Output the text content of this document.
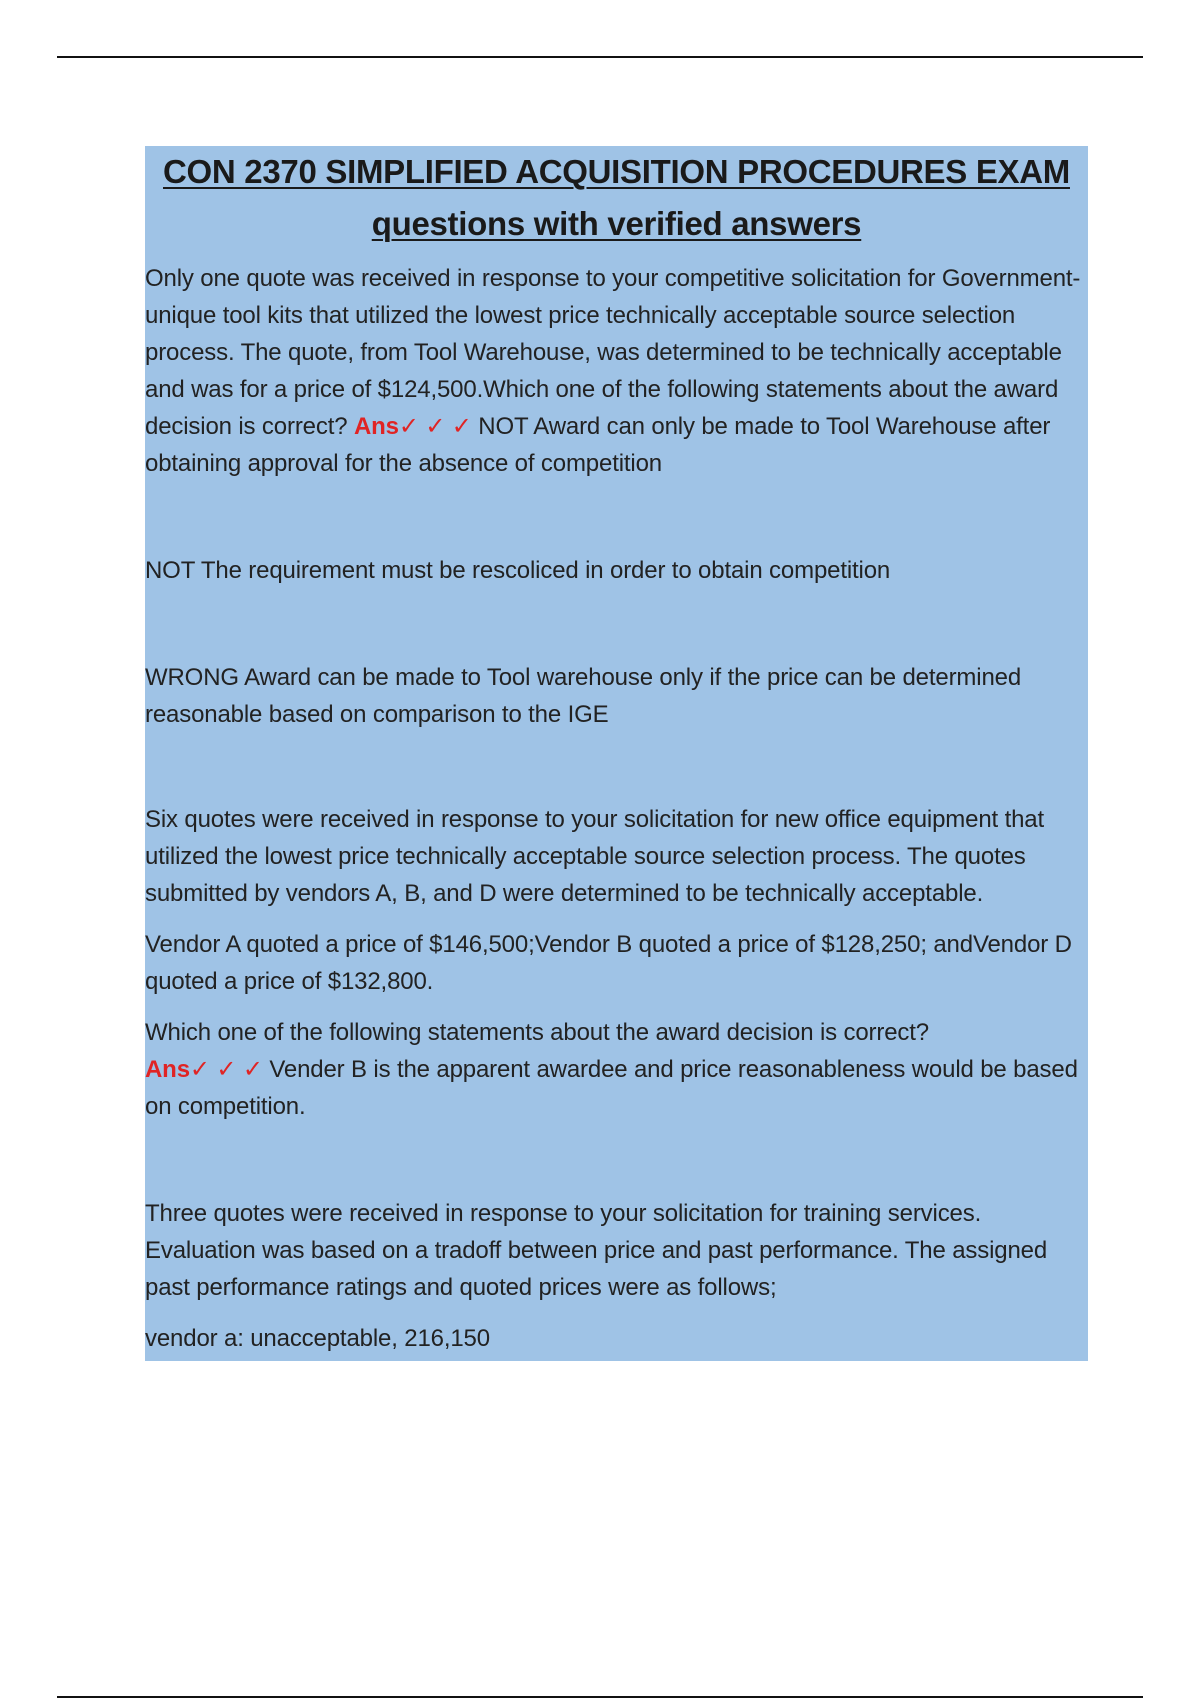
CON 2370 SIMPLIFIED ACQUISITION PROCEDURES EXAM
questions with verified answers

Only one quote was received in response to your competitive solicitation for Government-unique tool kits that utilized the lowest price technically acceptable source selection process. The quote, from Tool Warehouse, was determined to be technically acceptable and was for a price of $124,500.Which one of the following statements about the award decision is correct? Ans✓ ✓ ✓ NOT Award can only be made to Tool Warehouse after obtaining approval for the absence of competition

NOT The requirement must be rescoliced in order to obtain competition

WRONG Award can be made to Tool warehouse only if the price can be determined reasonable based on comparison to the IGE

Six quotes were received in response to your solicitation for new office equipment that utilized the lowest price technically acceptable source selection process. The quotes submitted by vendors A, B, and D were determined to be technically acceptable.

Vendor A quoted a price of $146,500;Vendor B quoted a price of $128,250; andVendor D quoted a price of $132,800.

Which one of the following statements about the award decision is correct?
Ans✓ ✓ ✓ Vender B is the apparent awardee and price reasonableness would be based on competition.

Three quotes were received in response to your solicitation for training services. Evaluation was based on a tradoff between price and past performance. The assigned past performance ratings and quoted prices were as follows;

vendor a: unacceptable, 216,150
